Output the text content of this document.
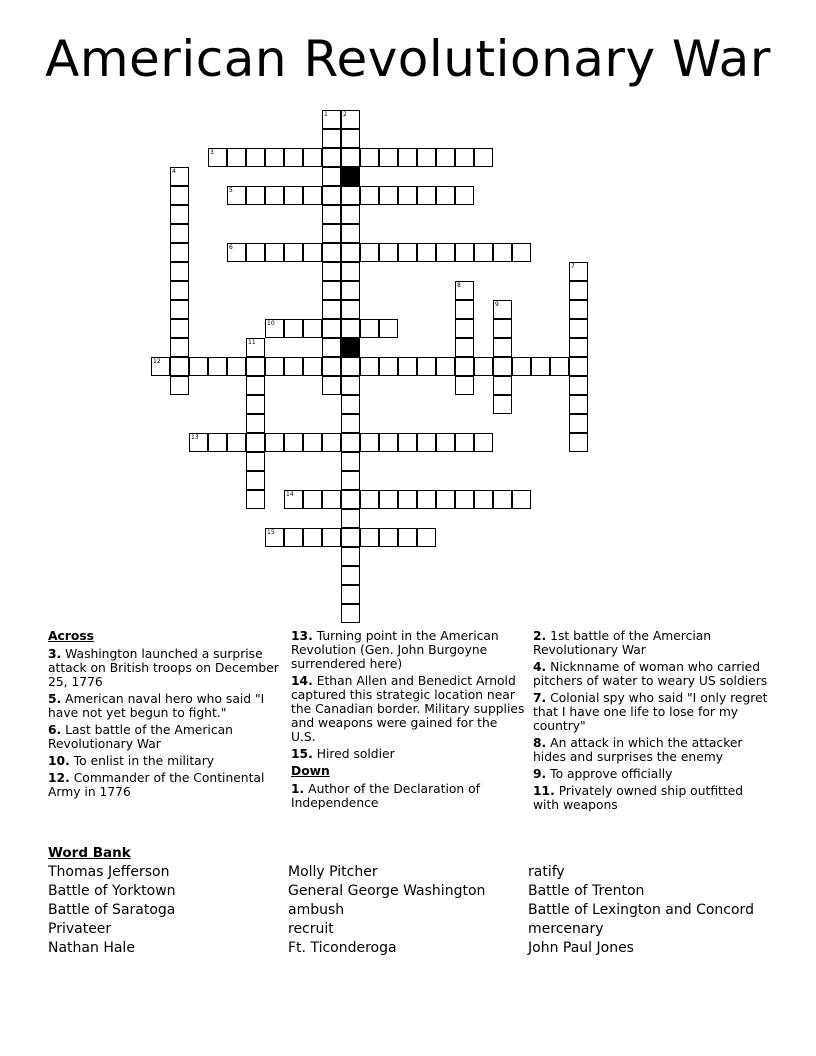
American Revolutionary War
1	2
3
4
5
6
7
8
9
10
11
12
13
14
15
Across
3. Washington launched a surprise attack on British troops on December 25, 1776
5. American naval hero who said "I have not yet begun to fight."
6. Last battle of the American Revolutionary War
10. To enlist in the military
12. Commander of the Continental Army in 1776
13. Turning point in the American Revolution (Gen. John Burgoyne surrendered here)
14. Ethan Allen and Benedict Arnold captured this strategic location near the Canadian border. Military supplies and weapons were gained for the U.S.
15. Hired soldier
Down
1. Author of the Declaration of Independence
2. 1st battle of the Amercian Revolutionary War
4. Nicknname of woman who carried pitchers of water to weary US soldiers
7. Colonial spy who said "I only regret that I have one life to lose for my country"
8. An attack in which the attacker hides and surprises the enemy
9. To approve officially
11. Privately owned ship outfitted with weapons
Word Bank
Thomas Jefferson
Battle of Yorktown
Battle of Saratoga
Privateer
Nathan Hale
Molly Pitcher
General George Washington
ambush
recruit
Ft. Ticonderoga
ratify
Battle of Trenton
Battle of Lexington and Concord
mercenary
John Paul Jones
